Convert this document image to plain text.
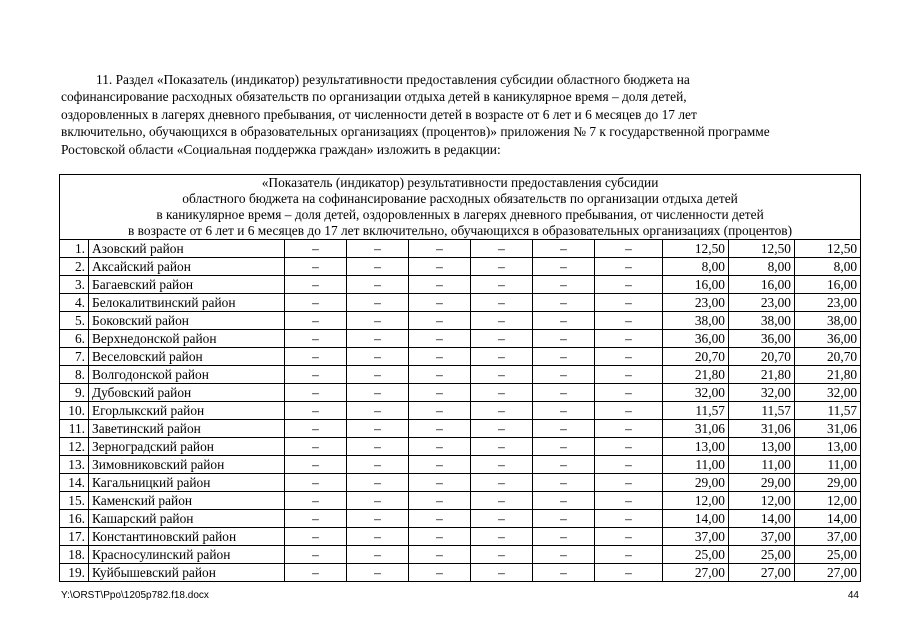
11. Раздел «Показатель (индикатор) результативности предоставления субсидии областного бюджета на
софинансирование расходных обязательств по организации отдыха детей в каникулярное время – доля детей,
оздоровленных в лагерях дневного пребывания, от численности детей в возрасте от 6 лет и 6 месяцев до 17 лет
включительно, обучающихся в образовательных организациях (процентов)» приложения № 7 к государственной программе
Ростовской области «Социальная поддержка граждан» изложить в редакции:
«Показатель (индикатор) результативности предоставления субсидии
областного бюджета на софинансирование расходных обязательств по организации отдыха детей
в каникулярное время – доля детей, оздоровленных в лагерях дневного пребывания, от численности детей
в возрасте от 6 лет и 6 месяцев до 17 лет включительно, обучающихся в образовательных организациях (процентов)										

1.	Азовский район	–	–	–	–	–	–	12,50	12,50	12,50
2.	Аксайский район	–	–	–	–	–	–	8,00	8,00	8,00
3.	Багаевский район	–	–	–	–	–	–	16,00	16,00	16,00
4.	Белокалитвинский район	–	–	–	–	–	–	23,00	23,00	23,00
5.	Боковский район	–	–	–	–	–	–	38,00	38,00	38,00
6.	Верхнедонской район	–	–	–	–	–	–	36,00	36,00	36,00
7.	Веселовский район	–	–	–	–	–	–	20,70	20,70	20,70
8.	Волгодонской район	–	–	–	–	–	–	21,80	21,80	21,80
9.	Дубовский район	–	–	–	–	–	–	32,00	32,00	32,00
10.	Егорлыкский район	–	–	–	–	–	–	11,57	11,57	11,57
11.	Заветинский район	–	–	–	–	–	–	31,06	31,06	31,06
12.	Зерноградский район	–	–	–	–	–	–	13,00	13,00	13,00
13.	Зимовниковский район	–	–	–	–	–	–	11,00	11,00	11,00
14.	Кагальницкий район	–	–	–	–	–	–	29,00	29,00	29,00
15.	Каменский район	–	–	–	–	–	–	12,00	12,00	12,00
16.	Кашарский район	–	–	–	–	–	–	14,00	14,00	14,00
17.	Константиновский район	–	–	–	–	–	–	37,00	37,00	37,00
18.	Красносулинский район	–	–	–	–	–	–	25,00	25,00	25,00
19.	Куйбышевский район	–	–	–	–	–	–	27,00	27,00	27,00
Y:\ORST\Ppo\1205p782.f18.docx	44
